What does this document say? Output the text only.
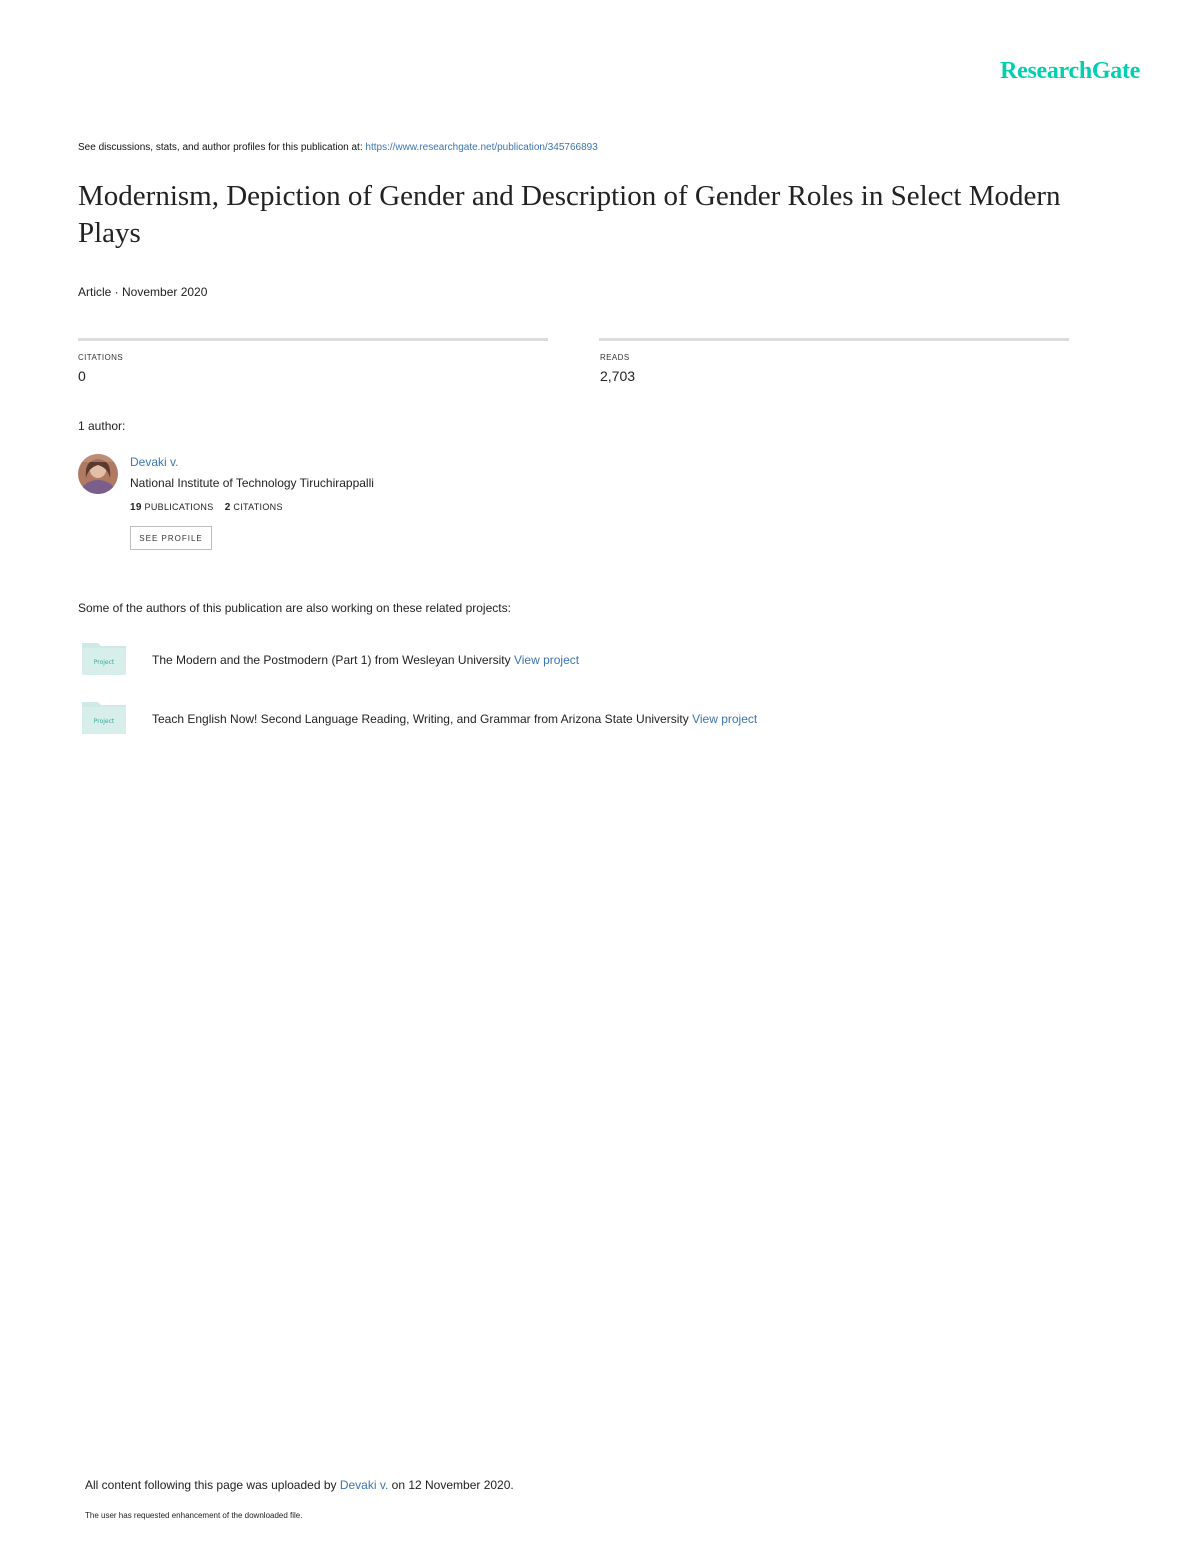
ResearchGate
See discussions, stats, and author profiles for this publication at: https://www.researchgate.net/publication/345766893
Modernism, Depiction of Gender and Description of Gender Roles in Select Modern Plays
Article · November 2020
CITATIONS
0
READS
2,703
1 author:
Devaki v.
National Institute of Technology Tiruchirappalli
19 PUBLICATIONS 2 CITATIONS
SEE PROFILE
Some of the authors of this publication are also working on these related projects:
Project	The Modern and the Postmodern (Part 1) from Wesleyan University View project
Project	Teach English Now! Second Language Reading, Writing, and Grammar from Arizona State University View project
All content following this page was uploaded by Devaki v. on 12 November 2020.
The user has requested enhancement of the downloaded file.
